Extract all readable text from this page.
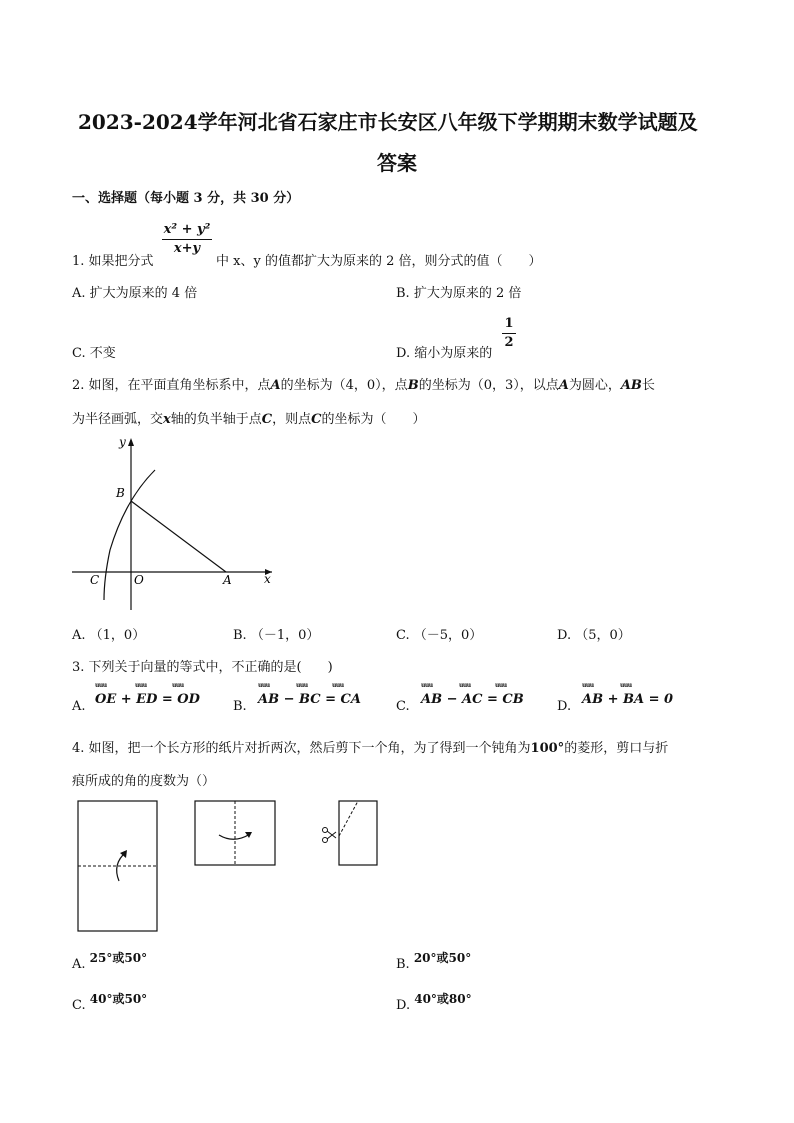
2023-2024学年河北省石家庄市长安区八年级下学期期末数学试题及
答案
一、选择题（每小题 3 分，共 30 分）
1. 如果把分式
x² + y²
x+y
中 x、y 的值都扩大为原来的 2 倍，则分式的值（　　）
A. 扩大为原来的 4 倍	B. 扩大为原来的 2 倍
C. 不变	D. 缩小为原来的
1
2
2. 如图，在平面直角坐标系中，点A的坐标为（4，0），点B的坐标为（0，3），以点A为圆心，AB长
为半径画弧，交x轴的负半轴于点C，则点C的坐标为（　　）
y
x
B
C	O	A
A. （1，0）	B. （－1，0）	C. （－5，0）	D. （5，0）
3. 下列关于向量的等式中，不正确的是(　　)
A.
uuu	uuu	uuu
OE + ED = OD	B.
uuu	uuu	uuu
AB − BC = CA	C.
uuu	uuu	uuu
AB − AC = CB	D.
uuu	uuu
AB + BA = 0
4. 如图，把一个长方形的纸片对折两次，然后剪下一个角，为了得到一个钝角为100°的菱形，剪口与折
痕所成的角的度数为（）
A. 25°或50°	B. 20°或50°
C. 40°或50°	D. 40°或80°
